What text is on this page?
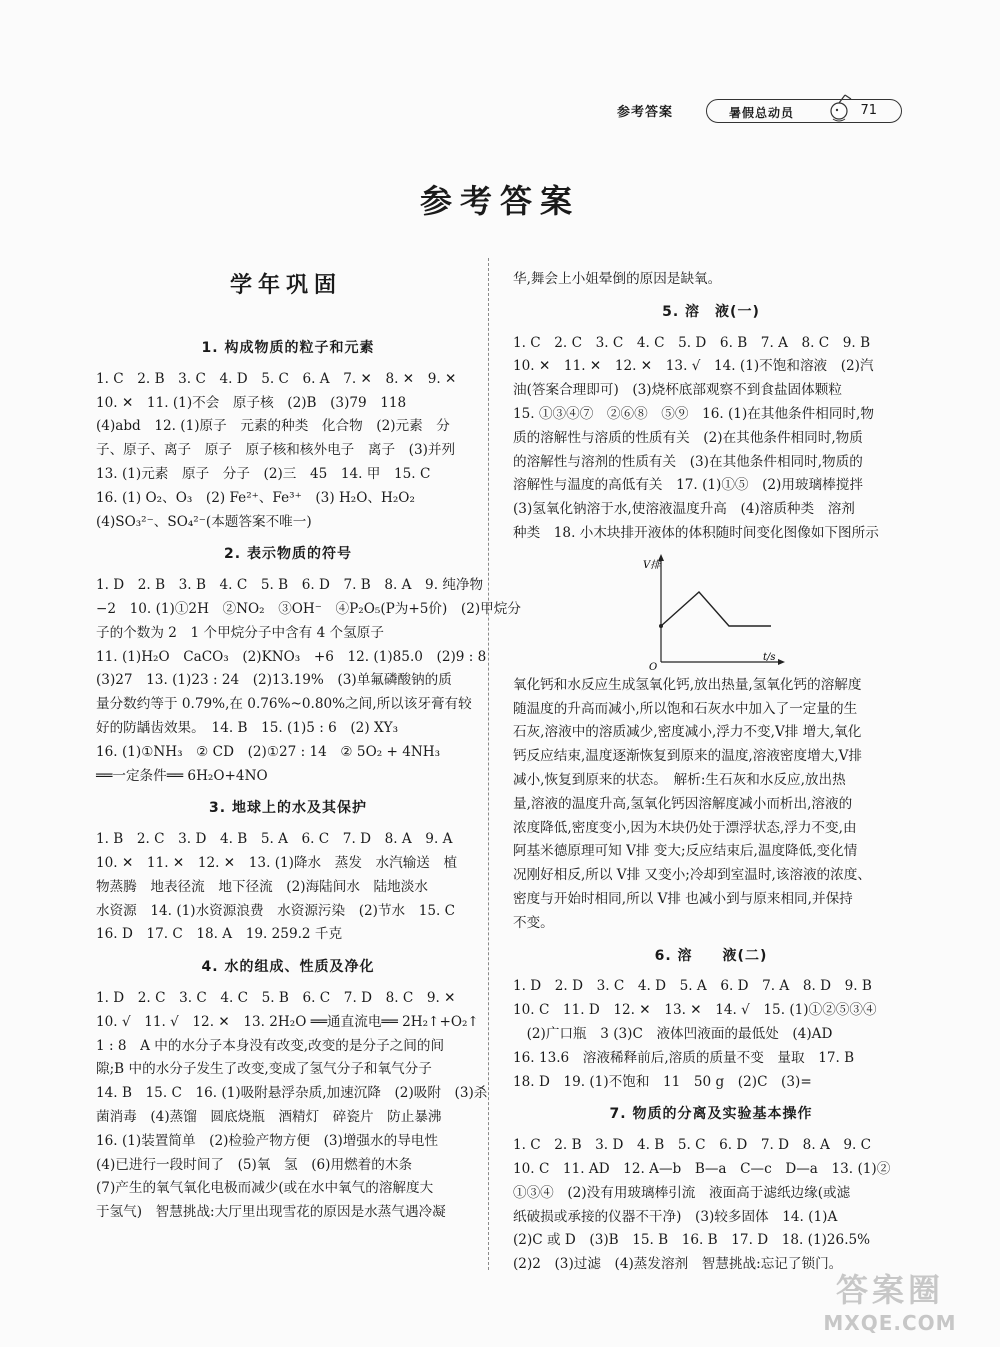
参考答案	暑假总动员	71
参考答案
学年巩固
1. 构成物质的粒子和元素

1. C　2. B　3. C　4. D　5. C　6. A　7. ✕　8. ✕　9. ✕

10. ✕　11. (1)不会　原子核　(2)B　(3)79　118

(4)abd　12. (1)原子　元素的种类　化合物　(2)元素　分

子、原子、离子　原子　原子核和核外电子　离子　(3)并列

13. (1)元素　原子　分子　(2)三　45　14. 甲　15. C

16. (1) O₂、O₃　(2) Fe²⁺、Fe³⁺　(3) H₂O、H₂O₂

(4)SO₃²⁻、SO₄²⁻(本题答案不唯一)

2. 表示物质的符号

1. D　2. B　3. B　4. C　5. B　6. D　7. B　8. A　9. 纯净物

−2　10. (1)①2H　②NO₂　③OH⁻　④P₂O₅(P为+5价)　(2)甲烷分

子的个数为 2　1 个甲烷分子中含有 4 个氢原子

11. (1)H₂O　CaCO₃　(2)KNO₃　+6　12. (1)85.0　(2)9 : 8

(3)27　13. (1)23 : 24　(2)13.19%　(3)单氟磷酸钠的质

量分数约等于 0.79%,在 0.76%~0.80%之间,所以该牙膏有较

好的防龋齿效果。　14. B　15. (1)5 : 6　(2) XY₃

16. (1)①NH₃　② CD　(2)①27 : 14　② 5O₂ + 4NH₃

══一定条件══ 6H₂O+4NO

3. 地球上的水及其保护

1. B　2. C　3. D　4. B　5. A　6. C　7. D　8. A　9. A

10. ✕　11. ✕　12. ✕　13. (1)降水　蒸发　水汽输送　植

物蒸腾　地表径流　地下径流　(2)海陆间水　陆地淡水

水资源　14. (1)水资源浪费　水资源污染　(2)节水　15. C

16. D　17. C　18. A　19. 259.2 千克

4. 水的组成、性质及净化

1. D　2. C　3. C　4. C　5. B　6. C　7. D　8. C　9. ✕

10. √　11. √　12. ✕　13. 2H₂O ══通直流电══ 2H₂↑+O₂↑

1 : 8　A 中的水分子本身没有改变,改变的是分子之间的间

隙;B 中的水分子发生了改变,变成了氢气分子和氧气分子

14. B　15. C　16. (1)吸附悬浮杂质,加速沉降　(2)吸附　(3)杀

菌消毒　(4)蒸馏　圆底烧瓶　酒精灯　碎瓷片　防止暴沸

16. (1)装置简单　(2)检验产物方便　(3)增强水的导电性

(4)已进行一段时间了　(5)氧　氢　(6)用燃着的木条

(7)产生的氧气氧化电极而减少(或在水中氧气的溶解度大

于氢气)　智慧挑战:大厅里出现雪花的原因是水蒸气遇冷凝

华,舞会上小姐晕倒的原因是缺氧。

5. 溶　液(一)

1. C　2. C　3. C　4. C　5. D　6. B　7. A　8. C　9. B

10. ✕　11. ✕　12. ✕　13. √　14. (1)不饱和溶液　(2)汽

油(答案合理即可)　(3)烧杯底部观察不到食盐固体颗粒

15. ①③④⑦　②⑥⑧　⑤⑨　16. (1)在其他条件相同时,物

质的溶解性与溶质的性质有关　(2)在其他条件相同时,物质

的溶解性与溶剂的性质有关　(3)在其他条件相同时,物质的

溶解性与温度的高低有关　17. (1)①⑤　(2)用玻璃棒搅拌

(3)氢氧化钠溶于水,使溶液温度升高　(4)溶质种类　溶剂

种类　18. 小木块排开液体的体积随时间变化图像如下图所示

V排
t/s
O

氧化钙和水反应生成氢氧化钙,放出热量,氢氧化钙的溶解度

随温度的升高而减小,所以饱和石灰水中加入了一定量的生

石灰,溶液中的溶质减少,密度减小,浮力不变,V排 增大,氧化

钙反应结束,温度逐渐恢复到原来的温度,溶液密度增大,V排

减小,恢复到原来的状态。　解析:生石灰和水反应,放出热

量,溶液的温度升高,氢氧化钙因溶解度减小而析出,溶液的

浓度降低,密度变小,因为木块仍处于漂浮状态,浮力不变,由

阿基米德原理可知 V排 变大;反应结束后,温度降低,变化情

况刚好相反,所以 V排 又变小;冷却到室温时,该溶液的浓度、

密度与开始时相同,所以 V排 也减小到与原来相同,并保持

不变。

6. 溶　　液(二)

1. D　2. D　3. C　4. D　5. A　6. D　7. A　8. D　9. B

10. C　11. D　12. ✕　13. ✕　14. √　15. (1)①②⑤③④

　(2)广口瓶　3 (3)C　液体凹液面的最低处　(4)AD

16. 13.6　溶液稀释前后,溶质的质量不变　量取　17. B

18. D　19. (1)不饱和　11　50 g　(2)C　(3)=

7. 物质的分离及实验基本操作

1. C　2. B　3. D　4. B　5. C　6. D　7. D　8. A　9. C

10. C　11. AD　12. A—b　B—a　C—c　D—a　13. (1)②

①③④　(2)没有用玻璃棒引流　液面高于滤纸边缘(或滤

纸破损或承接的仪器不干净)　(3)较多固体　14. (1)A

(2)C 或 D　(3)B　15. B　16. B　17. D　18. (1)26.5%

(2)2　(3)过滤　(4)蒸发溶剂　智慧挑战:忘记了锁门。

答案圈
MXQE.COM
